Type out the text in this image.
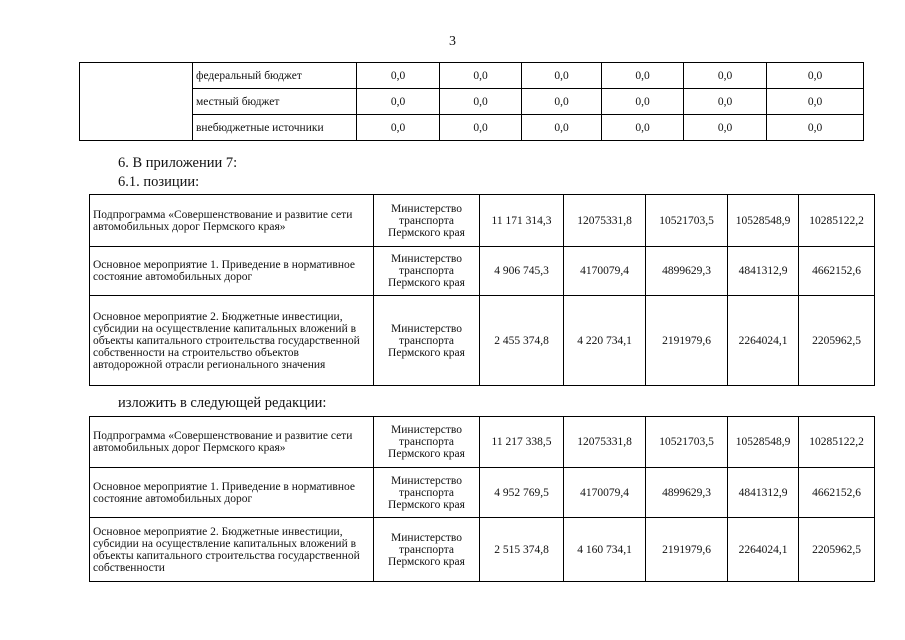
3
	федеральный бюджет	0,0	0,0	0,0	0,0	0,0	0,0
	местный бюджет	0,0	0,0	0,0	0,0	0,0	0,0
	внебюджетные источники	0,0	0,0	0,0	0,0	0,0	0,0
6. В приложении 7:
6.1. позиции:
Подпрограмма «Совершенствование и развитие сети автомобильных дорог Пермского края»	Министерство транспорта Пермского края	11 171 314,3	12075331,8	10521703,5	10528548,9	10285122,2
Основное мероприятие 1. Приведение в нормативное состояние автомобильных дорог	Министерство транспорта Пермского края	4 906 745,3	4170079,4	4899629,3	4841312,9	4662152,6
Основное мероприятие 2. Бюджетные инвестиции, субсидии на осуществление капитальных вложений в объекты капитального строительства государственной собственности на строительство объектов автодорожной отрасли регионального значения	Министерство транспорта Пермского края	2 455 374,8	4 220 734,1	2191979,6	2264024,1	2205962,5
изложить в следующей редакции:
Подпрограмма «Совершенствование и развитие сети автомобильных дорог Пермского края»	Министерство транспорта Пермского края	11 217 338,5	12075331,8	10521703,5	10528548,9	10285122,2
Основное мероприятие 1. Приведение в нормативное состояние автомобильных дорог	Министерство транспорта Пермского края	4 952 769,5	4170079,4	4899629,3	4841312,9	4662152,6
Основное мероприятие 2. Бюджетные инвестиции, субсидии на осуществление капитальных вложений в объекты капитального строительства государственной собственности	Министерство транспорта Пермского края	2 515 374,8	4 160 734,1	2191979,6	2264024,1	2205962,5
